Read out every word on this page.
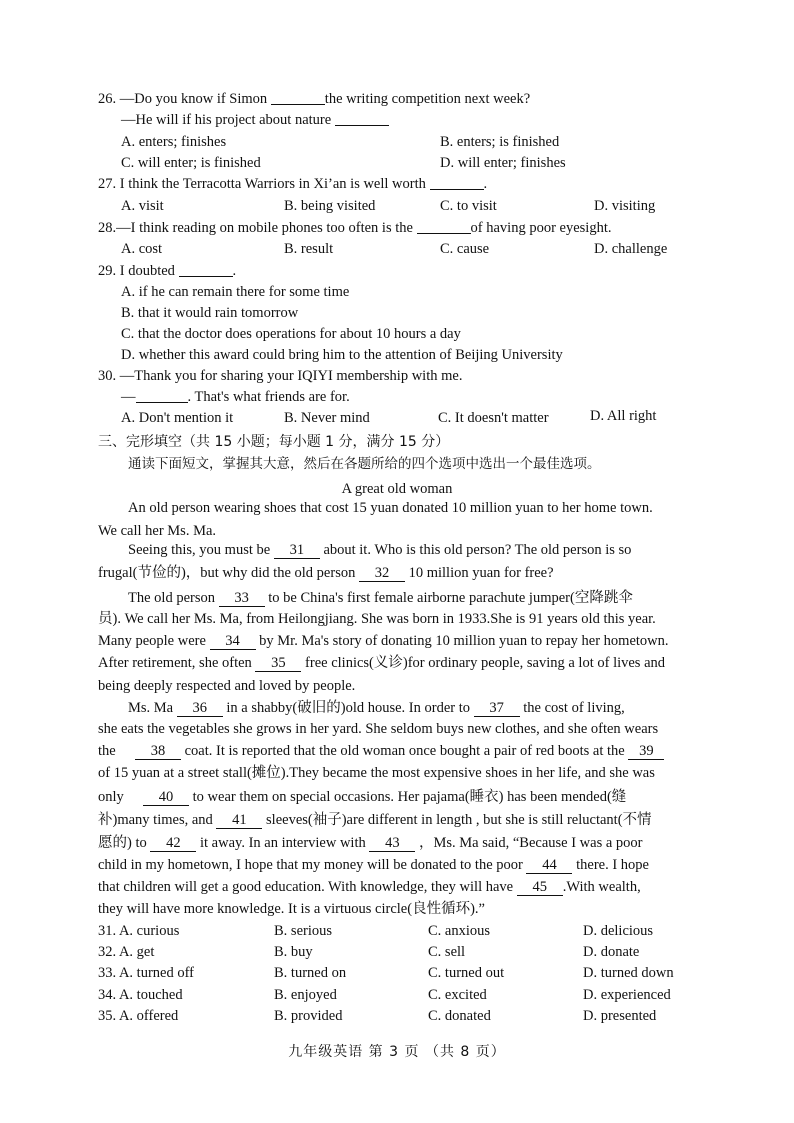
26. —Do you know if Simon	the writing competition next week?
—He will if his project about nature
A. enters; finishes	B. enters; is finished
C. will enter; is finished	D. will enter; finishes
27. I think the Terracotta Warriors in Xi’an is well worth	.
A. visit	B. being visited	C. to visit	D. visiting
28.—I think reading on mobile phones too often is the	of having poor eyesight.
A. cost	B. result	C. cause	D. challenge
29. I doubted	.
A. if he can remain there for some time
B. that it would rain tomorrow
C. that the doctor does operations for about 10 hours a day
D. whether this award could bring him to the attention of Beijing University
30. —Thank you for sharing your IQIYI membership with me.
—	. That's what friends are for.
A. Don't mention it	B. Never mind	C. It doesn't matter	D. All right
三、完形填空（共 15 小题；每小题 1 分，满分 15 分）
通读下面短文，掌握其大意，然后在各题所给的四个选项中选出一个最佳选项。
A great old woman
An old person wearing shoes that cost 15 yuan donated 10 million yuan to her home town.
We call her Ms. Ma.
Seeing this, you must be 31 about it. Who is this old person? The old person is so
frugal(节俭的)，but why did the old person 32 10 million yuan for free?
The old person 33 to be China's first female airborne parachute jumper(空降跳伞
员). We call her Ms. Ma, from Heilongjiang. She was born in 1933.She is 91 years old this year.
Many people were 34 by Mr. Ma's story of donating 10 million yuan to repay her hometown.
After retirement, she often 35 free clinics(义诊)for ordinary people, saving a lot of lives and
being deeply respected and loved by people.
Ms. Ma 36 in a shabby(破旧的)old house. In order to 37 the cost of living,
she eats the vegetables she grows in her yard. She seldom buys new clothes, and she often wears
the 38 coat. It is reported that the old woman once bought a pair of red boots at the 39
of 15 yuan at a street stall(摊位).They became the most expensive shoes in her life, and she was
only 40 to wear them on special occasions. Her pajama(睡衣) has been mended(缝
补)many times, and 41 sleeves(袖子)are different in length , but she is still reluctant(不情
愿的) to 42 it away. In an interview with 43 ，Ms. Ma said, “Because I was a poor
child in my hometown, I hope that my money will be donated to the poor 44 there. I hope
that children will get a good education. With knowledge, they will have 45 .With wealth,
they will have more knowledge. It is a virtuous circle(良性循环).”
31. A. curious	B. serious	C. anxious	D. delicious
32. A. get	B. buy	C. sell	D. donate
33. A. turned off	B. turned on	C. turned out	D. turned down
34. A. touched	B. enjoyed	C. excited	D. experienced
35. A. offered	B. provided	C. donated	D. presented
九年级英语 第 3 页 （共 8 页）
